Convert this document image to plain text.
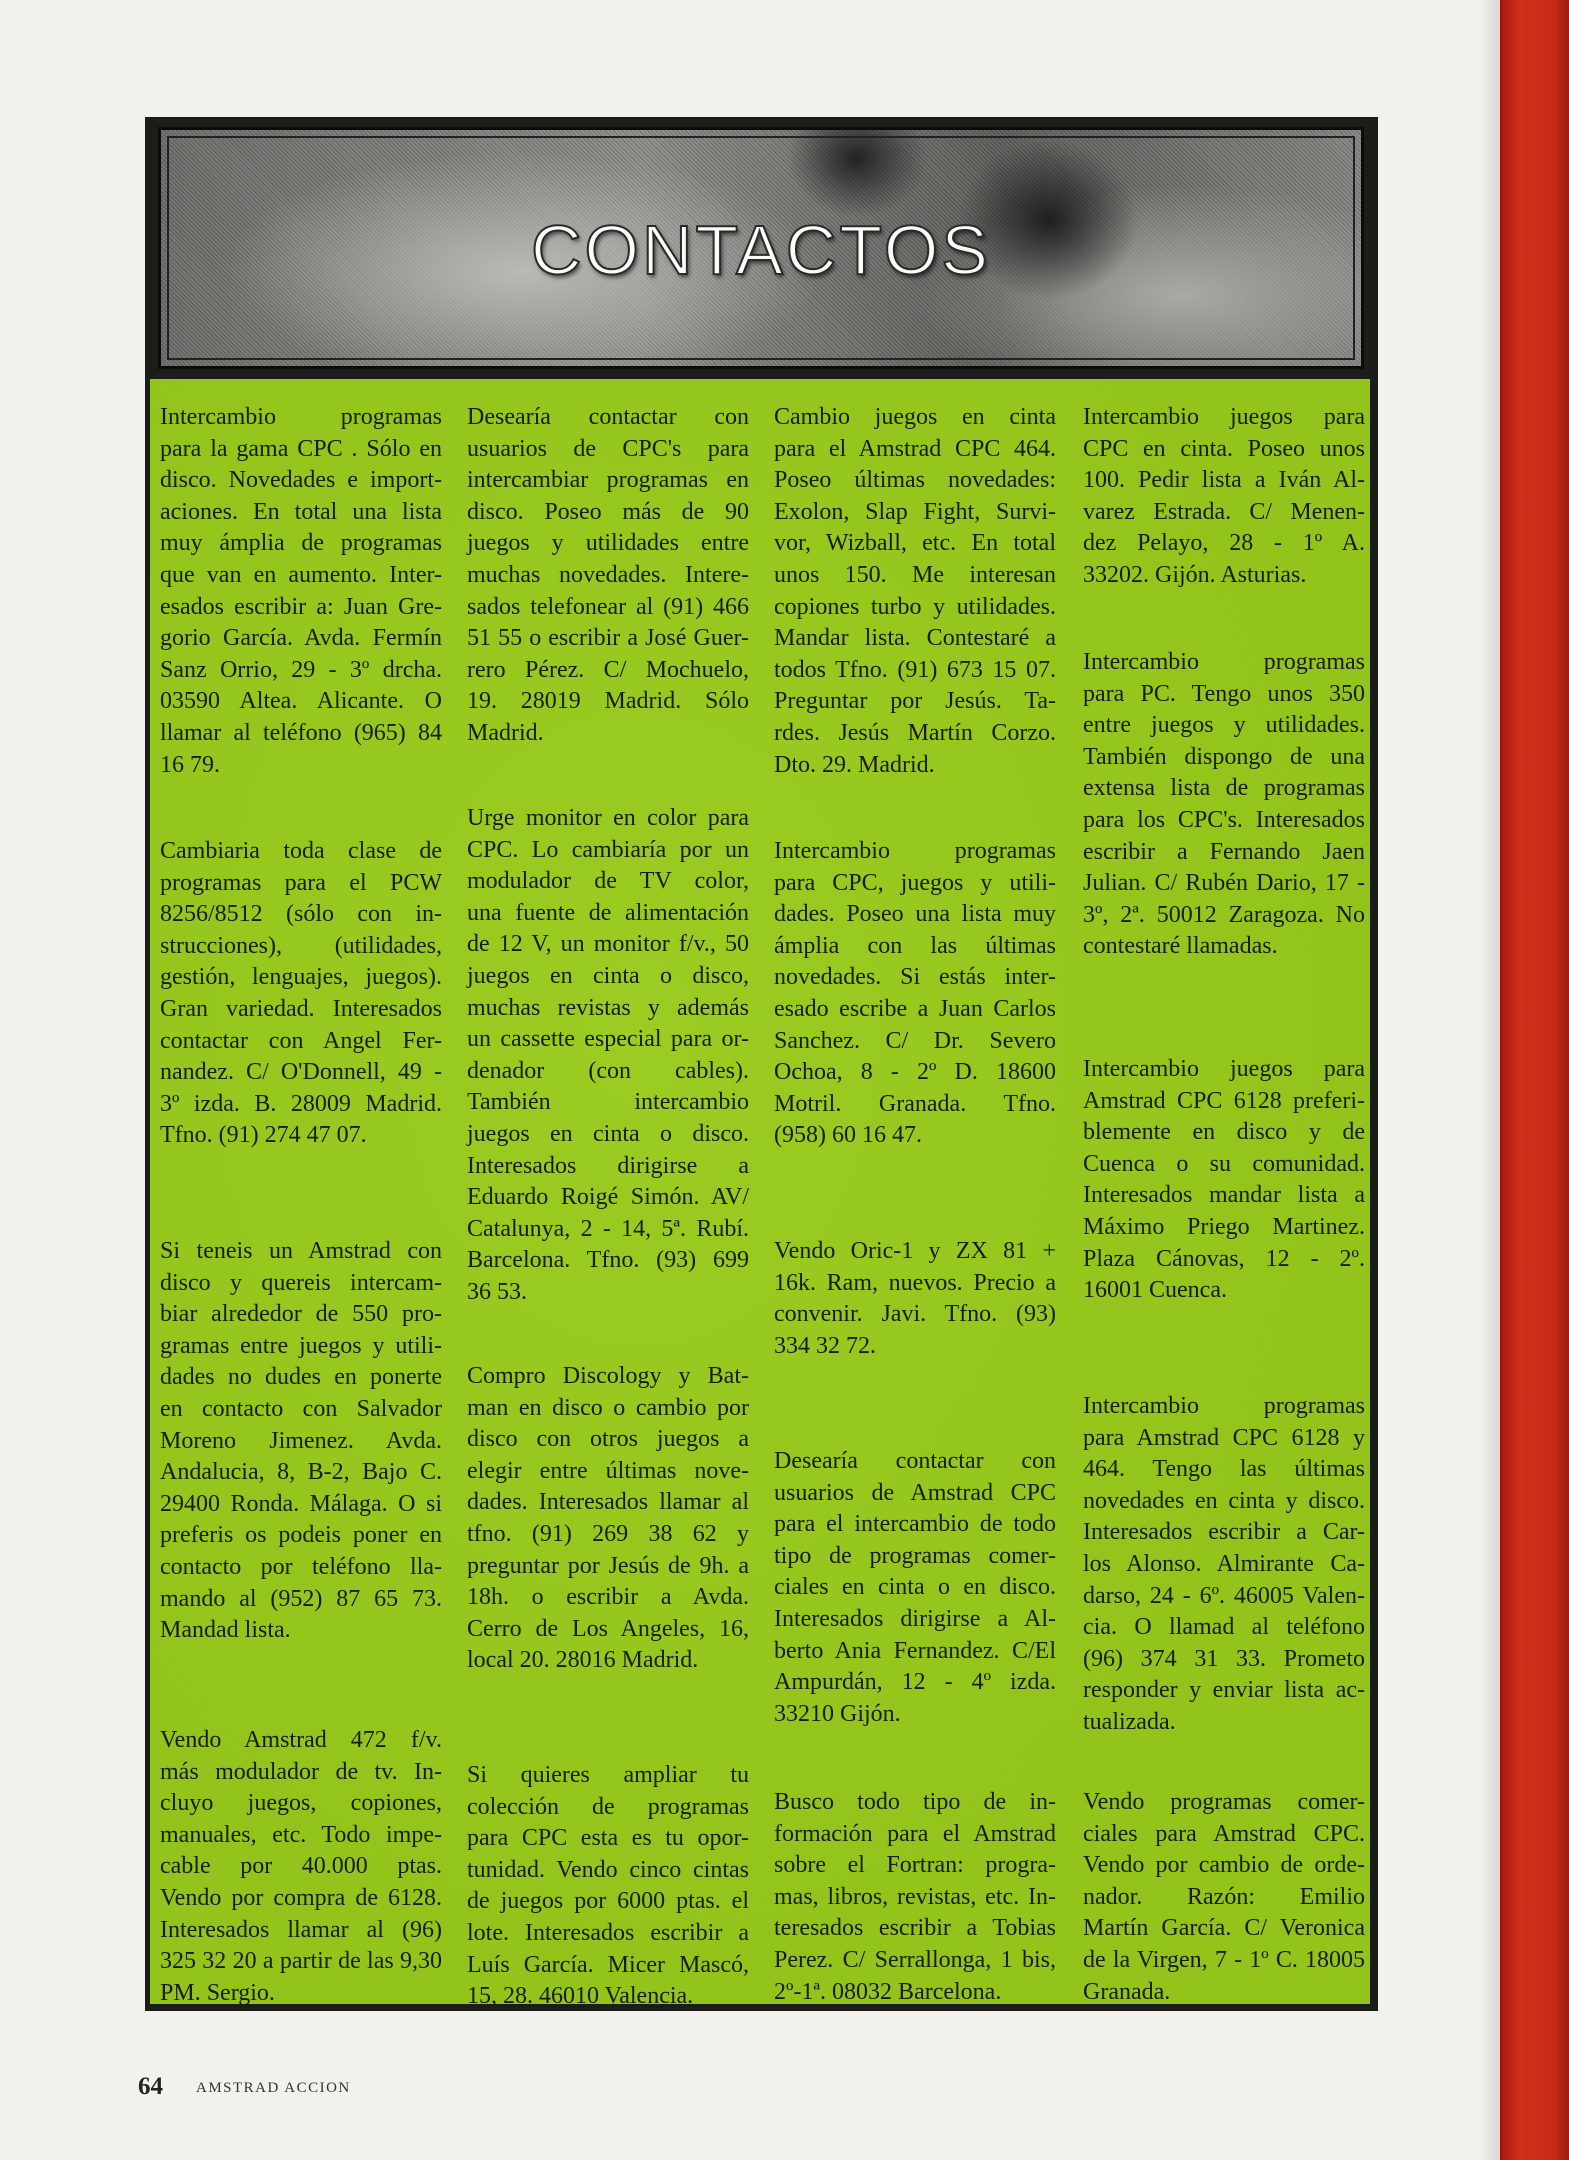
CONTACTOS
64 AMSTRAD ACCION
Intercambio programas
para la gama CPC . Sólo en
disco. Novedades e import-
aciones. En total una lista
muy ámplia de programas
que van en aumento. Inter-
esados escribir a: Juan Gre-
gorio García. Avda. Fermín
Sanz Orrio, 29 - 3º drcha.
03590 Altea. Alicante. O
llamar al teléfono (965) 84
16 79.
Cambiaria toda clase de
programas para el PCW
8256/8512 (sólo con in-
strucciones), (utilidades,
gestión, lenguajes, juegos).
Gran variedad. Interesados
contactar con Angel Fer-
nandez. C/ O'Donnell, 49 -
3º izda. B. 28009 Madrid.
Tfno. (91) 274 47 07.
Si teneis un Amstrad con
disco y quereis intercam-
biar alrededor de 550 pro-
gramas entre juegos y utili-
dades no dudes en ponerte
en contacto con Salvador
Moreno Jimenez. Avda.
Andalucia, 8, B-2, Bajo C.
29400 Ronda. Málaga. O si
preferis os podeis poner en
contacto por teléfono lla-
mando al (952) 87 65 73.
Mandad lista.
Vendo Amstrad 472 f/v.
más modulador de tv. In-
cluyo juegos, copiones,
manuales, etc. Todo impe-
cable por 40.000 ptas.
Vendo por compra de 6128.
Interesados llamar al (96)
325 32 20 a partir de las 9,30
PM. Sergio.
Desearía contactar con
usuarios de CPC's para
intercambiar programas en
disco. Poseo más de 90
juegos y utilidades entre
muchas novedades. Intere-
sados telefonear al (91) 466
51 55 o escribir a José Guer-
rero Pérez. C/ Mochuelo,
19. 28019 Madrid. Sólo
Madrid.
Urge monitor en color para
CPC. Lo cambiaría por un
modulador de TV color,
una fuente de alimentación
de 12 V, un monitor f/v., 50
juegos en cinta o disco,
muchas revistas y además
un cassette especial para or-
denador (con cables).
También intercambio
juegos en cinta o disco.
Interesados dirigirse a
Eduardo Roigé Simón. AV/
Catalunya, 2 - 14, 5ª. Rubí.
Barcelona. Tfno. (93) 699
36 53.
Compro Discology y Bat-
man en disco o cambio por
disco con otros juegos a
elegir entre últimas nove-
dades. Interesados llamar al
tfno. (91) 269 38 62 y
preguntar por Jesús de 9h. a
18h. o escribir a Avda.
Cerro de Los Angeles, 16,
local 20. 28016 Madrid.
Si quieres ampliar tu
colección de programas
para CPC esta es tu opor-
tunidad. Vendo cinco cintas
de juegos por 6000 ptas. el
lote. Interesados escribir a
Luís García. Micer Mascó,
15, 28. 46010 Valencia.
Cambio juegos en cinta
para el Amstrad CPC 464.
Poseo últimas novedades:
Exolon, Slap Fight, Survi-
vor, Wizball, etc. En total
unos 150. Me interesan
copiones turbo y utilidades.
Mandar lista. Contestaré a
todos Tfno. (91) 673 15 07.
Preguntar por Jesús. Ta-
rdes. Jesús Martín Corzo.
Dto. 29. Madrid.
Intercambio programas
para CPC, juegos y utili-
dades. Poseo una lista muy
ámplia con las últimas
novedades. Si estás inter-
esado escribe a Juan Carlos
Sanchez. C/ Dr. Severo
Ochoa, 8 - 2º D. 18600
Motril. Granada. Tfno.
(958) 60 16 47.
Vendo Oric-1 y ZX 81 +
16k. Ram, nuevos. Precio a
convenir. Javi. Tfno. (93)
334 32 72.
Desearía contactar con
usuarios de Amstrad CPC
para el intercambio de todo
tipo de programas comer-
ciales en cinta o en disco.
Interesados dirigirse a Al-
berto Ania Fernandez. C/El
Ampurdán, 12 - 4º izda.
33210 Gijón.
Busco todo tipo de in-
formación para el Amstrad
sobre el Fortran: progra-
mas, libros, revistas, etc. In-
teresados escribir a Tobias
Perez. C/ Serrallonga, 1 bis,
2º-1ª. 08032 Barcelona.
Intercambio juegos para
CPC en cinta. Poseo unos
100. Pedir lista a Iván Al-
varez Estrada. C/ Menen-
dez Pelayo, 28 - 1º A.
33202. Gijón. Asturias.
Intercambio programas
para PC. Tengo unos 350
entre juegos y utilidades.
También dispongo de una
extensa lista de programas
para los CPC's. Interesados
escribir a Fernando Jaen
Julian. C/ Rubén Dario, 17 -
3º, 2ª. 50012 Zaragoza. No
contestaré llamadas.
Intercambio juegos para
Amstrad CPC 6128 preferi-
blemente en disco y de
Cuenca o su comunidad.
Interesados mandar lista a
Máximo Priego Martinez.
Plaza Cánovas, 12 - 2º.
16001 Cuenca.
Intercambio programas
para Amstrad CPC 6128 y
464. Tengo las últimas
novedades en cinta y disco.
Interesados escribir a Car-
los Alonso. Almirante Ca-
darso, 24 - 6º. 46005 Valen-
cia. O llamad al teléfono
(96) 374 31 33. Prometo
responder y enviar lista ac-
tualizada.
Vendo programas comer-
ciales para Amstrad CPC.
Vendo por cambio de orde-
nador. Razón: Emilio
Martín García. C/ Veronica
de la Virgen, 7 - 1º C. 18005
Granada.
